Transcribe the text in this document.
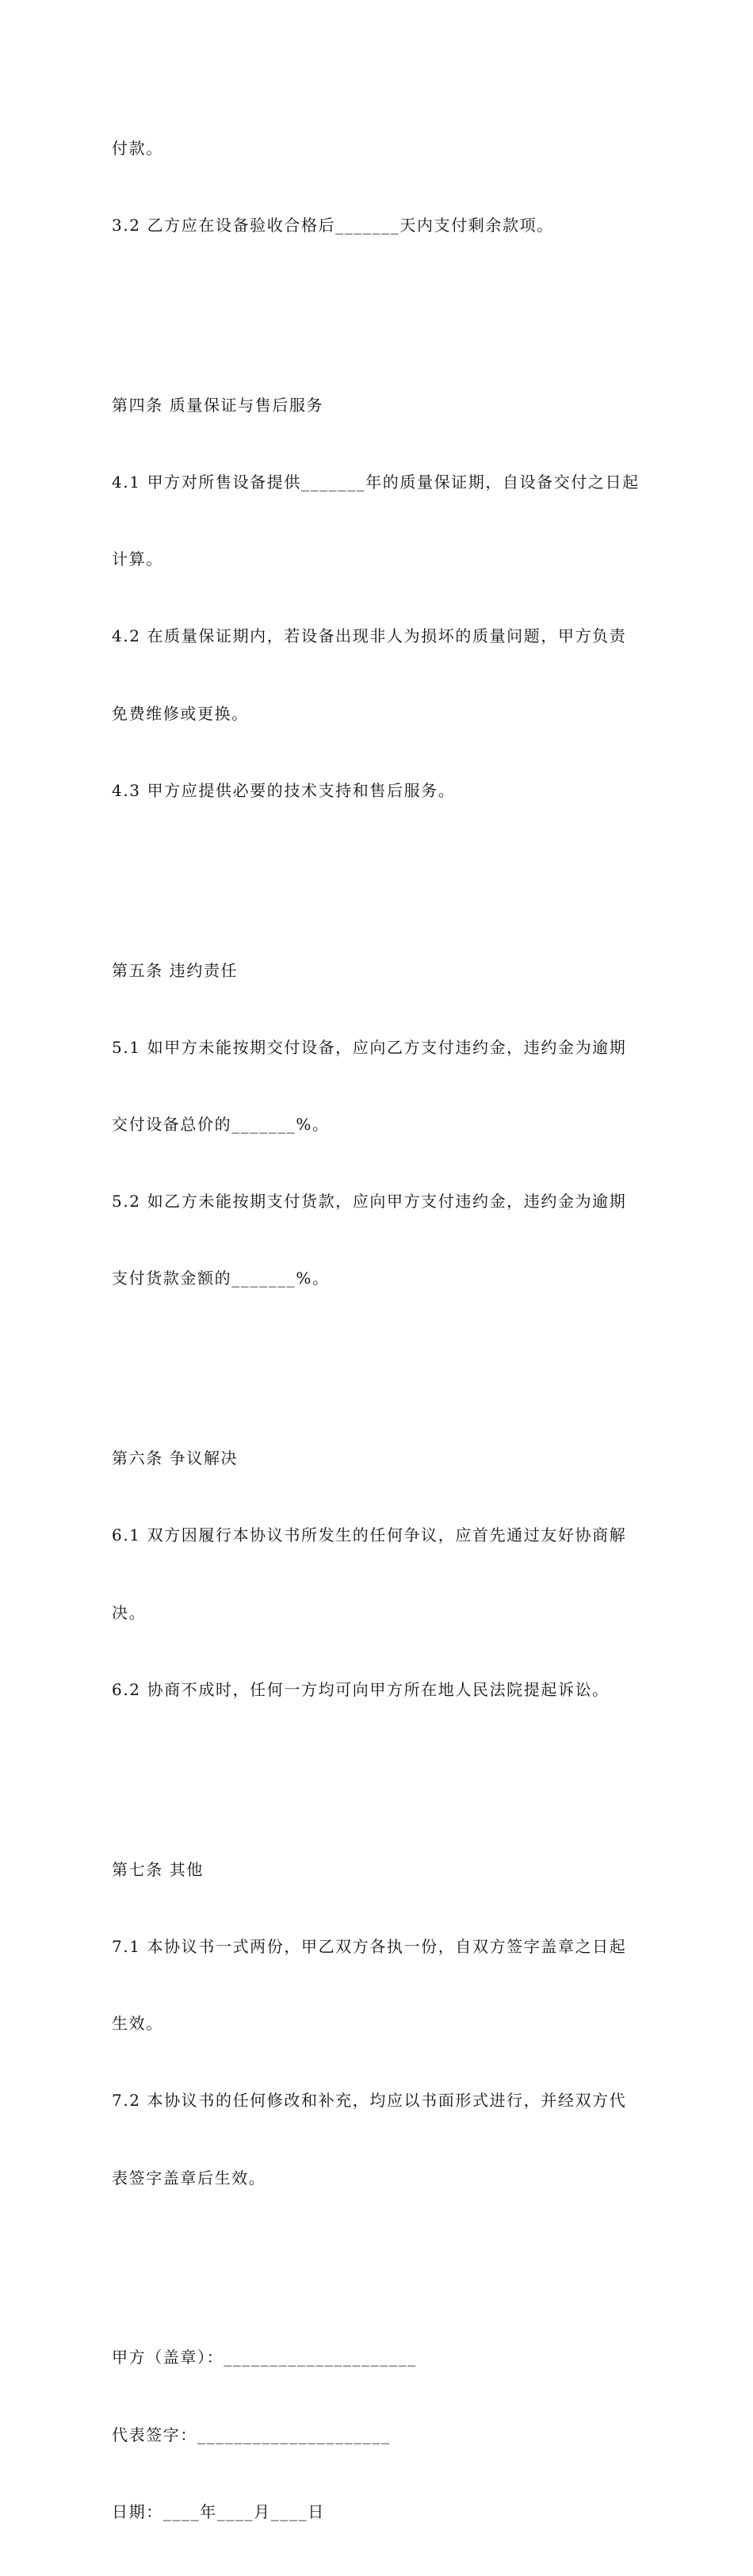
付款。

3.2 乙方应在设备验收合格后_______天内支付剩余款项。

第四条 质量保证与售后服务

4.1 甲方对所售设备提供_______年的质量保证期，自设备交付之日起

计算。

4.2 在质量保证期内，若设备出现非人为损坏的质量问题，甲方负责

免费维修或更换。

4.3 甲方应提供必要的技术支持和售后服务。

第五条 违约责任

5.1 如甲方未能按期交付设备，应向乙方支付违约金，违约金为逾期

交付设备总价的_______%。

5.2 如乙方未能按期支付货款，应向甲方支付违约金，违约金为逾期

支付货款金额的_______%。

第六条 争议解决

6.1 双方因履行本协议书所发生的任何争议，应首先通过友好协商解

决。

6.2 协商不成时，任何一方均可向甲方所在地人民法院提起诉讼。

第七条 其他

7.1 本协议书一式两份，甲乙双方各执一份，自双方签字盖章之日起

生效。

7.2 本协议书的任何修改和补充，均应以书面形式进行，并经双方代

表签字盖章后生效。

甲方（盖章）：_____________________

代表签字：_____________________

日期：____年____月____日
